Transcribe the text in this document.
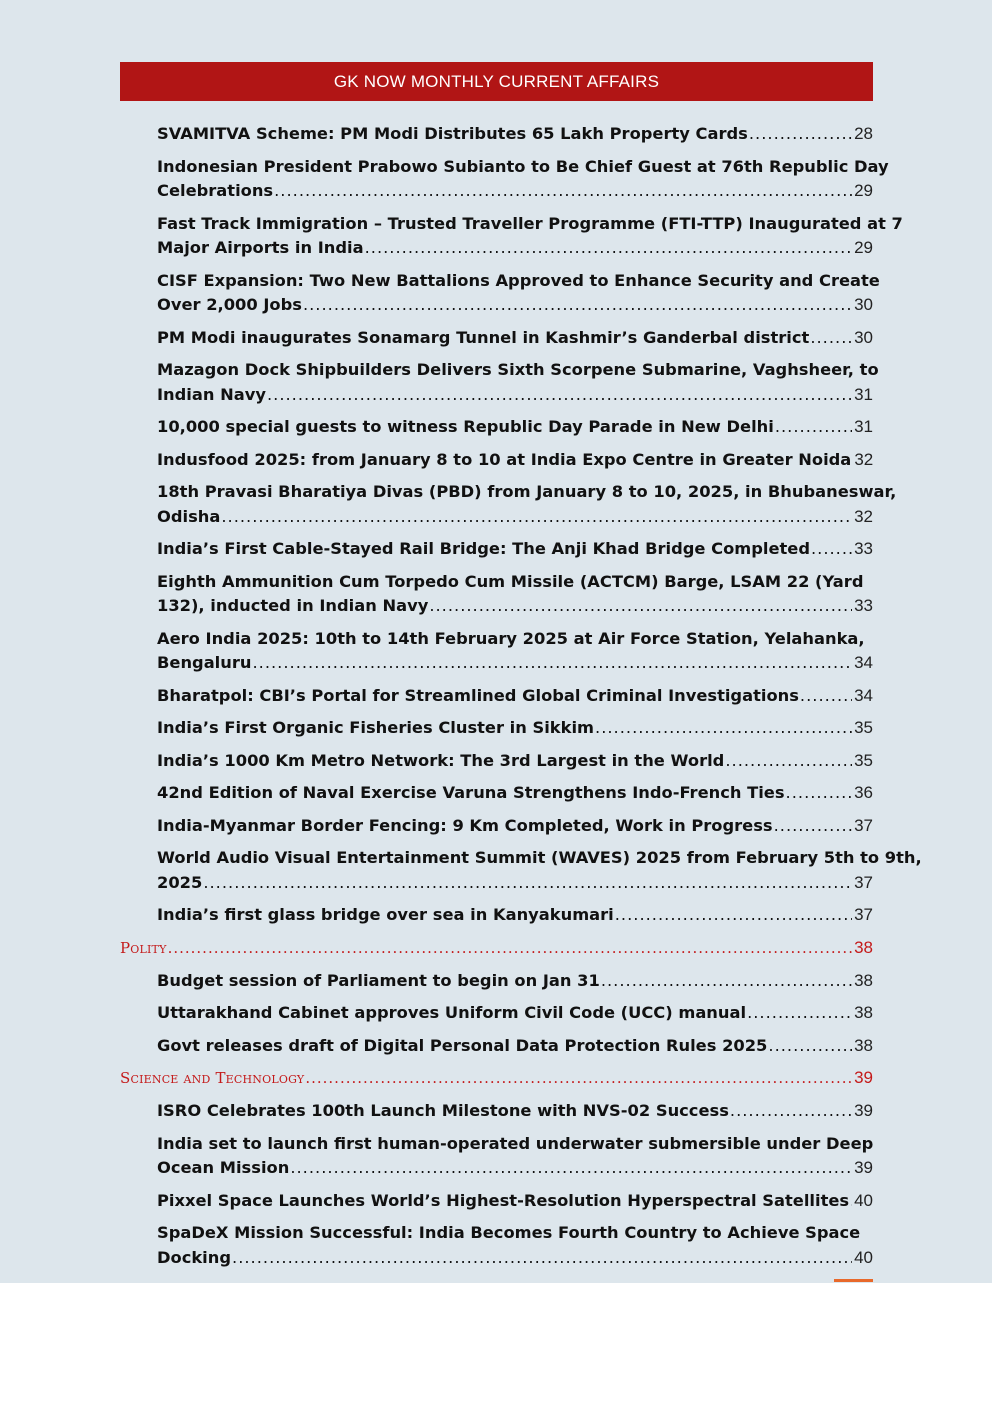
GK NOW MONTHLY CURRENT AFFAIRS
SVAMITVA Scheme: PM Modi Distributes 65 Lakh Property Cards .....	28
Indonesian President Prabowo Subianto to Be Chief Guest at 76th Republic Day
Celebrations .....	29
Fast Track Immigration – Trusted Traveller Programme (FTI-TTP) Inaugurated at 7
Major Airports in India .....	29
CISF Expansion: Two New Battalions Approved to Enhance Security and Create
Over 2,000 Jobs .....	30
PM Modi inaugurates Sonamarg Tunnel in Kashmir’s Ganderbal district .....	30
Mazagon Dock Shipbuilders Delivers Sixth Scorpene Submarine, Vaghsheer, to
Indian Navy .....	31
10,000 special guests to witness Republic Day Parade in New Delhi .....	31
Indusfood 2025: from January 8 to 10 at India Expo Centre in Greater Noida 32
18th Pravasi Bharatiya Divas (PBD) from January 8 to 10, 2025, in Bhubaneswar,
Odisha .....	32
India’s First Cable-Stayed Rail Bridge: The Anji Khad Bridge Completed .....	33
Eighth Ammunition Cum Torpedo Cum Missile (ACTCM) Barge, LSAM 22 (Yard
132), inducted in Indian Navy .....	33
Aero India 2025: 10th to 14th February 2025 at Air Force Station, Yelahanka,
Bengaluru .....	34
Bharatpol: CBI’s Portal for Streamlined Global Criminal Investigations .....	34
India’s First Organic Fisheries Cluster in Sikkim .....	35
India’s 1000 Km Metro Network: The 3rd Largest in the World .....	35
42nd Edition of Naval Exercise Varuna Strengthens Indo-French Ties .....	36
India-Myanmar Border Fencing: 9 Km Completed, Work in Progress .....	37
World Audio Visual Entertainment Summit (WAVES) 2025 from February 5th to 9th,
2025 .....	37
India’s first glass bridge over sea in Kanyakumari .....	37
Polity .....	38
Budget session of Parliament to begin on Jan 31 .....	38
Uttarakhand Cabinet approves Uniform Civil Code (UCC) manual .....	38
Govt releases draft of Digital Personal Data Protection Rules 2025 .....	38
Science and Technology .....	39
ISRO Celebrates 100th Launch Milestone with NVS-02 Success .....	39
India set to launch first human-operated underwater submersible under Deep
Ocean Mission .....	39
Pixxel Space Launches World’s Highest-Resolution Hyperspectral Satellites ..... 40
SpaDeX Mission Successful: India Becomes Fourth Country to Achieve Space
Docking .....	40
